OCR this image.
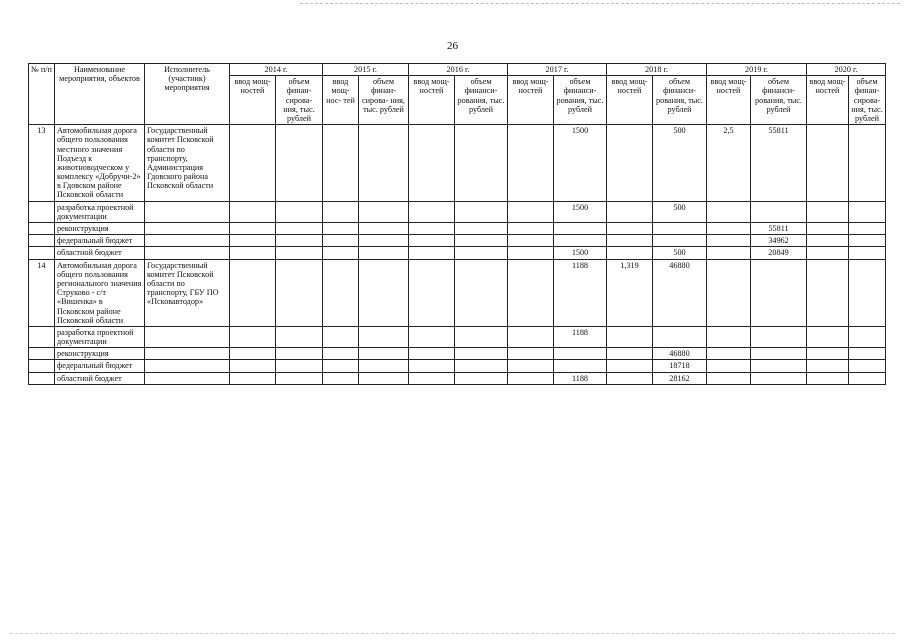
26
№ п/п	Наименование мероприятия, объектов	Исполнитель (участник) мероприятия	2014 г.		2015 г.		2016 г.		2017 г.		2018 г.		2019 г.		2020 г.	
			ввод мощ- ностей	объем финан- сирова- ния, тыс. рублей	ввод мощ- нос- тей	объем финан- сирова- ния, тыс. рублей	ввод мощ- ностей	объем финанси- рования, тыс. рублей	ввод мощ- ностей	объем финанси- рования, тыс. рублей	ввод мощ- ностей	объем финанси- рования, тыс. рублей	ввод мощ- ностей	объем финанси- рования, тыс. рублей	ввод мощ- ностей	объем финан- сирова- ния, тыс. рублей
13	Автомобильная дорога общего пользования местного значения Подъезд к животноводческом у комплексу «Добручи-2» в Гдовском районе Псковской области	Государственный комитет Псковской области по транспорту, Администрация Гдовского района Псковской области								1500		500	2,5	55811		
	разработка проектной документации									1500		500				
	реконструкция													55811		
	федеральный бюджет													34962		
	областной бюджет									1500		500		20849		
14	Автомобильная дорога общего пользования регионального значения Струково - с/т «Вишенка» в Псковском районе Псковской области	Государственный комитет Псковской области по транспорту, ГБУ ПО «Псковавтодор»								1188	1,319	46880				
	разработка проектной документации									1188						
	реконструкция											46880				
	федеральный бюджет											18718				
	областной бюджет									1188		28162				
